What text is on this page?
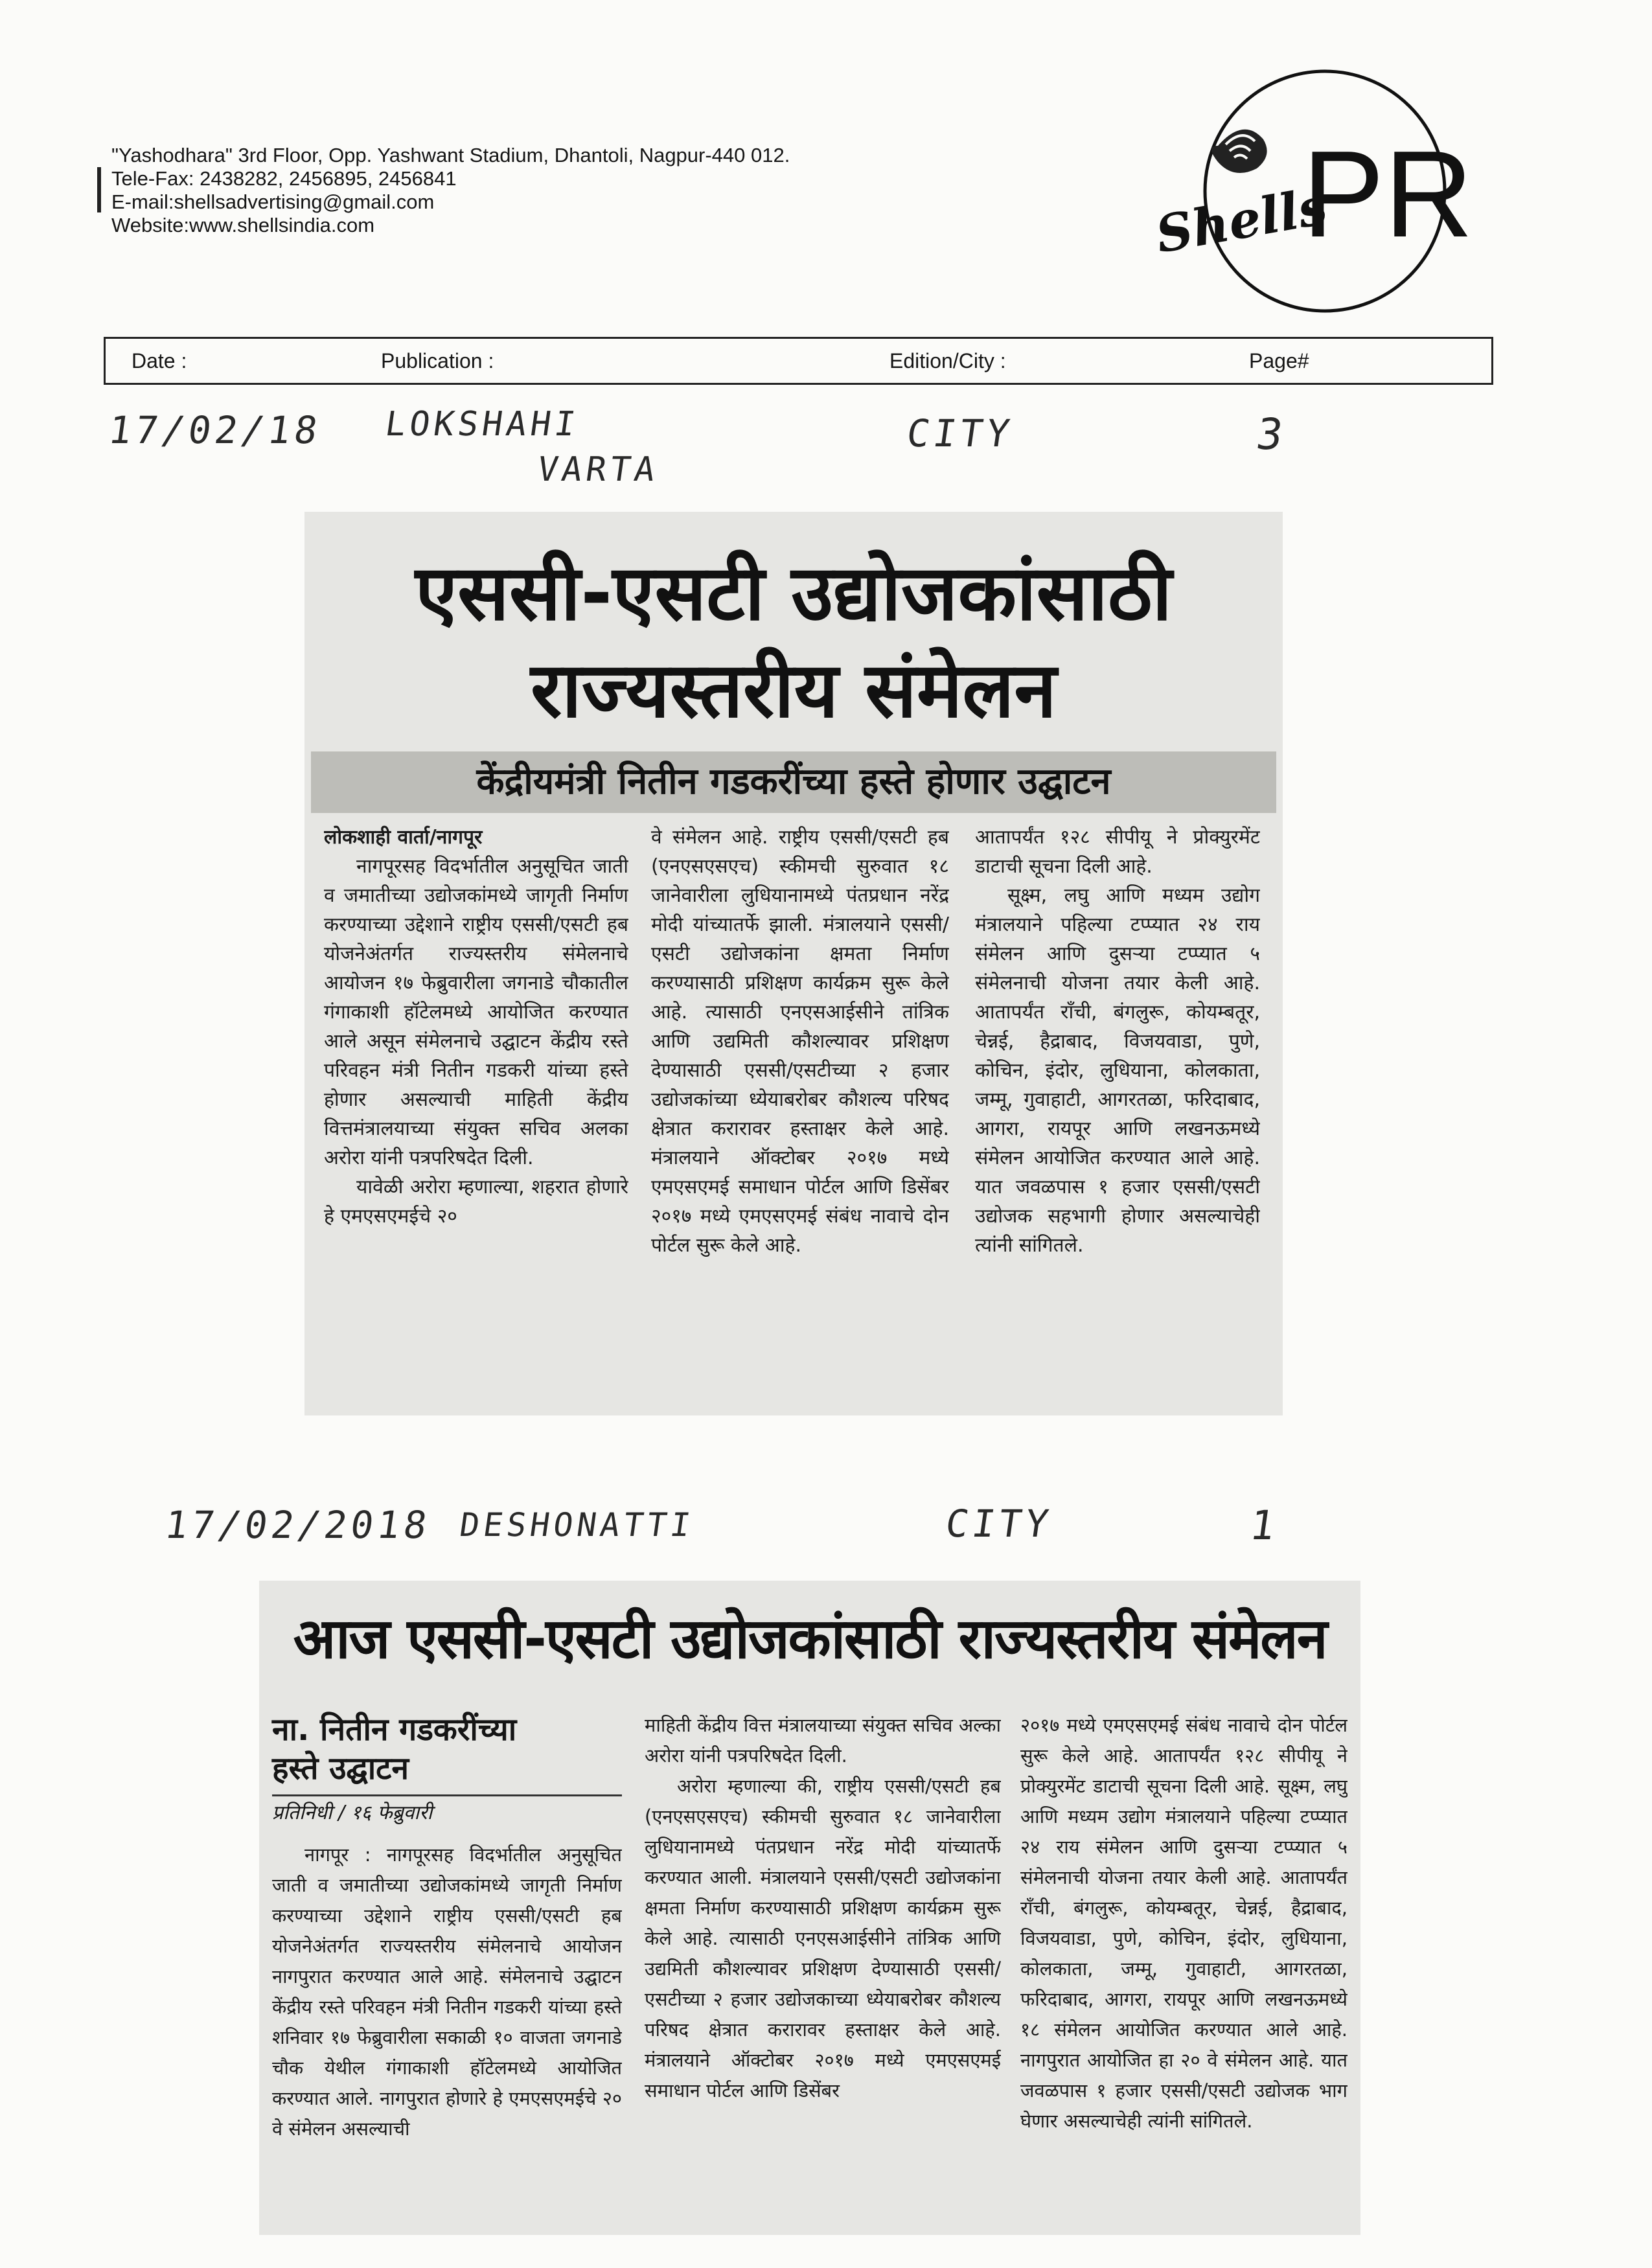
"Yashodhara" 3rd Floor, Opp. Yashwant Stadium, Dhantoli, Nagpur-440 012.
Tele-Fax: 2438282, 2456895, 2456841
E-mail:shellsadvertising@gmail.com
Website:www.shellsindia.com	Shells
PR
Date :	Publication :	Edition/City :	Page#
17/02/18 LOKSHAHI
VARTA
CITY	3
एससी-एसटी उद्योजकांसाठी
राज्यस्तरीय संमेलन
केंद्रीयमंत्री नितीन गडकरींच्या हस्ते होणार उद्घाटन

लोकशाही वार्ता/नागपूर

नागपूरसह विदर्भातील अनुसूचित जाती व जमातीच्या उद्योजकांमध्ये जागृती निर्माण करण्याच्या उद्देशाने राष्ट्रीय एससी/एसटी हब योजनेअंतर्गत राज्यस्तरीय संमेलनाचे आयोजन १७ फेब्रुवारीला जगनाडे चौकातील गंगाकाशी हॉटेलमध्ये आयोजित करण्यात आले असून संमेलनाचे उद्घाटन केंद्रीय रस्ते परिवहन मंत्री नितीन गडकरी यांच्या हस्ते होणार असल्याची माहिती केंद्रीय वित्तमंत्रालयाच्या संयुक्त सचिव अलका अरोरा यांनी पत्रपरिषदेत दिली.

यावेळी अरोरा म्हणाल्या, शहरात होणारे हे एमएसएमईचे २०

वे संमेलन आहे. राष्ट्रीय एससी/एसटी हब (एनएसएसएच) स्कीमची सुरुवात १८ जानेवारीला लुधियानामध्ये पंतप्रधान नरेंद्र मोदी यांच्यातर्फे झाली. मंत्रालयाने एससी/एसटी उद्योजकांना क्षमता निर्माण करण्यासाठी प्रशिक्षण कार्यक्रम सुरू केले आहे. त्यासाठी एनएसआईसीने तांत्रिक आणि उद्यमिती कौशल्यावर प्रशिक्षण देण्यासाठी एससी/एसटीच्या २ हजार उद्योजकांच्या ध्येयाबरोबर कौशल्य परिषद क्षेत्रात करारावर हस्ताक्षर केले आहे. मंत्रालयाने ऑक्टोबर २०१७ मध्ये एमएसएमई समाधान पोर्टल आणि डिसेंबर २०१७ मध्ये एमएसएमई संबंध नावाचे दोन पोर्टल सुरू केले आहे.

आतापर्यंत १२८ सीपीयू ने प्रोक्युरमेंट डाटाची सूचना दिली आहे.

सूक्ष्म, लघु आणि मध्यम उद्योग मंत्रालयाने पहिल्या टप्प्यात २४ राय संमेलन आणि दुसऱ्या टप्प्यात ५ संमेलनाची योजना तयार केली आहे. आतापर्यंत रॉंची, बंगलुरू, कोयम्बतूर, चेन्नई, हैद्राबाद, विजयवाडा, पुणे, कोचिन, इंदोर, लुधियाना, कोलकाता, जम्मू, गुवाहाटी, आगरतळा, फरिदाबाद, आगरा, रायपूर आणि लखनऊमध्ये संमेलन आयोजित करण्यात आले आहे. यात जवळपास १ हजार एससी/एसटी उद्योजक सहभागी होणार असल्याचेही त्यांनी सांगितले.

17/02/2018 DESHONATTI	CITY	1
आज एससी-एसटी उद्योजकांसाठी राज्यस्तरीय संमेलन
ना. नितीन गडकरींच्या
हस्ते उद्घाटन
प्रतिनिधी / १६ फेब्रुवारी

नागपूर : नागपूरसह विदर्भातील अनुसूचित जाती व जमातीच्या उद्योजकांमध्ये जागृती निर्माण करण्याच्या उद्देशाने राष्ट्रीय एससी/एसटी हब योजनेअंतर्गत राज्यस्तरीय संमेलनाचे आयोजन नागपुरात करण्यात आले आहे. संमेलनाचे उद्घाटन केंद्रीय रस्ते परिवहन मंत्री नितीन गडकरी यांच्या हस्ते शनिवार १७ फेब्रुवारीला सकाळी १० वाजता जगनाडे चौक येथील गंगाकाशी हॉटेलमध्ये आयोजित करण्यात आले. नागपुरात होणारे हे एमएसएमईचे २० वे संमेलन असल्याची

माहिती केंद्रीय वित्त मंत्रालयाच्या संयुक्त सचिव अल्का अरोरा यांनी पत्रपरिषदेत दिली.

अरोरा म्हणाल्या की, राष्ट्रीय एससी/एसटी हब (एनएसएसएच) स्कीमची सुरुवात १८ जानेवारीला लुधियानामध्ये पंतप्रधान नरेंद्र मोदी यांच्यातर्फे करण्यात आली. मंत्रालयाने एससी/एसटी उद्योजकांना क्षमता निर्माण करण्यासाठी प्रशिक्षण कार्यक्रम सुरू केले आहे. त्यासाठी एनएसआईसीने तांत्रिक आणि उद्यमिती कौशल्यावर प्रशिक्षण देण्यासाठी एससी/एसटीच्या २ हजार उद्योजकाच्या ध्येयाबरोबर कौशल्य परिषद क्षेत्रात करारावर हस्ताक्षर केले आहे. मंत्रालयाने ऑक्टोबर २०१७ मध्ये एमएसएमई समाधान पोर्टल आणि डिसेंबर

२०१७ मध्ये एमएसएमई संबंध नावाचे दोन पोर्टल सुरू केले आहे. आतापर्यंत १२८ सीपीयू ने प्रोक्युरमेंट डाटाची सूचना दिली आहे. सूक्ष्म, लघु आणि मध्यम उद्योग मंत्रालयाने पहिल्या टप्प्यात २४ राय संमेलन आणि दुसऱ्या टप्प्यात ५ संमेलनाची योजना तयार केली आहे. आतापर्यंत रॉंची, बंगलुरू, कोयम्बतूर, चेन्नई, हैद्राबाद, विजयवाडा, पुणे, कोचिन, इंदोर, लुधियाना, कोलकाता, जम्मू, गुवाहाटी, आगरतळा, फरिदाबाद, आगरा, रायपूर आणि लखनऊमध्ये १८ संमेलन आयोजित करण्यात आले आहे. नागपुरात आयोजित हा २० वे संमेलन आहे. यात जवळपास १ हजार एससी/एसटी उद्योजक भाग घेणार असल्याचेही त्यांनी सांगितले.
